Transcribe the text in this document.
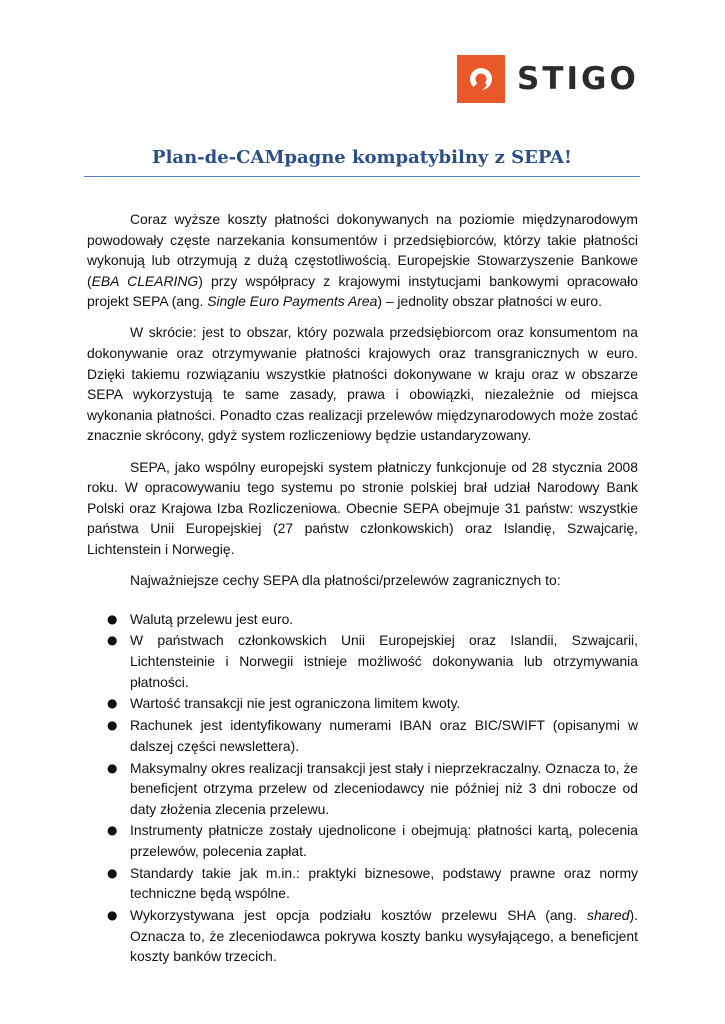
STIGO
Plan-de-CAMpagne kompatybilny z SEPA!

Coraz wyższe koszty płatności dokonywanych na poziomie międzynarodowym powodowały częste narzekania konsumentów i przedsiębiorców, którzy takie płatności wykonują lub otrzymują z dużą częstotliwością. Europejskie Stowarzyszenie Bankowe (EBA CLEARING) przy współpracy z krajowymi instytucjami bankowymi opracowało projekt SEPA (ang. Single Euro Payments Area) – jednolity obszar płatności w euro.

W skrócie: jest to obszar, który pozwala przedsiębiorcom oraz konsumentom na dokonywanie oraz otrzymywanie płatności krajowych oraz transgranicznych w euro. Dzięki takiemu rozwiązaniu wszystkie płatności dokonywane w kraju oraz w obszarze SEPA wykorzystują te same zasady, prawa i obowiązki, niezależnie od miejsca wykonania płatności. Ponadto czas realizacji przelewów międzynarodowych może zostać znacznie skrócony, gdyż system rozliczeniowy będzie ustandaryzowany.

SEPA, jako wspólny europejski system płatniczy funkcjonuje od 28 stycznia 2008 roku. W opracowywaniu tego systemu po stronie polskiej brał udział Narodowy Bank Polski oraz Krajowa Izba Rozliczeniowa. Obecnie SEPA obejmuje 31 państw: wszystkie państwa Unii Europejskiej (27 państw członkowskich) oraz Islandię, Szwajcarię, Lichtenstein i Norwegię.

Najważniejsze cechy SEPA dla płatności/przelewów zagranicznych to:

● Walutą przelewu jest euro.
● W państwach członkowskich Unii Europejskiej oraz Islandii, Szwajcarii, Lichtensteinie i Norwegii istnieje możliwość dokonywania lub otrzymywania płatności.
● Wartość transakcji nie jest ograniczona limitem kwoty.
● Rachunek jest identyfikowany numerami IBAN oraz BIC/SWIFT (opisanymi w dalszej części newslettera).
● Maksymalny okres realizacji transakcji jest stały i nieprzekraczalny. Oznacza to, że beneficjent otrzyma przelew od zleceniodawcy nie później niż 3 dni robocze od daty złożenia zlecenia przelewu.
● Instrumenty płatnicze zostały ujednolicone i obejmują: płatności kartą, polecenia przelewów, polecenia zapłat.
● Standardy takie jak m.in.: praktyki biznesowe, podstawy prawne oraz normy techniczne będą wspólne.
● Wykorzystywana jest opcja podziału kosztów przelewu SHA (ang. shared). Oznacza to, że zleceniodawca pokrywa koszty banku wysyłającego, a beneficjent koszty banków trzecich.
